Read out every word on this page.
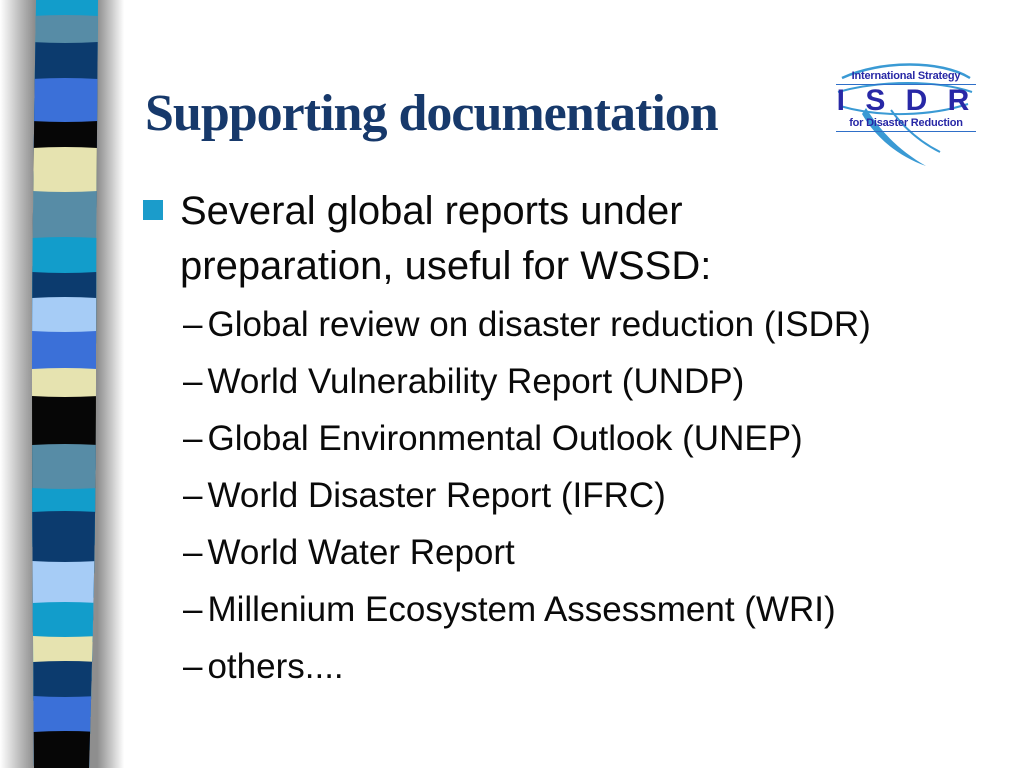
Supporting documentation
International Strategy
I S D R
for Disaster Reduction
Several global reports under
preparation, useful for WSSD:
– Global review on disaster reduction (ISDR)
– World Vulnerability Report (UNDP)
– Global Environmental Outlook (UNEP)
– World Disaster Report (IFRC)
– World Water Report
– Millenium Ecosystem Assessment (WRI)
– others....
